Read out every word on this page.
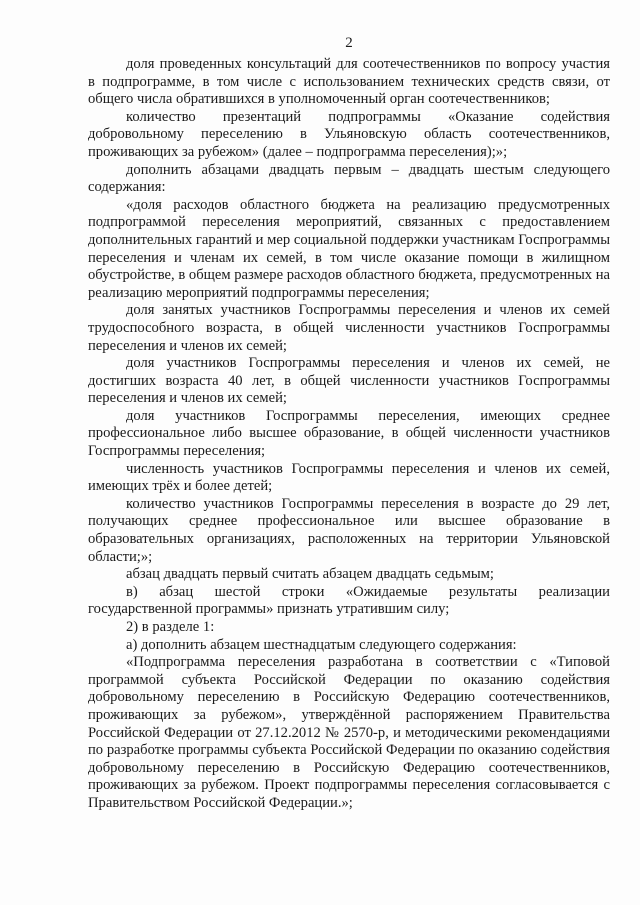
2

доля проведенных консультаций для соотечественников по вопросу участия в подпрограмме, в том числе с использованием технических средств связи, от общего числа обратившихся в уполномоченный орган соотечественников;

количество презентаций подпрограммы «Оказание содействия добровольному переселению в Ульяновскую область соотечественников, проживающих за рубежом» (далее – подпрограмма переселения);»;

дополнить абзацами двадцать первым – двадцать шестым следующего содержания:

«доля расходов областного бюджета на реализацию предусмотренных подпрограммой переселения мероприятий, связанных с предоставлением дополнительных гарантий и мер социальной поддержки участникам Госпрограммы переселения и членам их семей, в том числе оказание помощи в жилищном обустройстве, в общем размере расходов областного бюджета, предусмотренных на реализацию мероприятий подпрограммы переселения;

доля занятых участников Госпрограммы переселения и членов их семей трудоспособного возраста, в общей численности участников Госпрограммы переселения и членов их семей;

доля участников Госпрограммы переселения и членов их семей, не достигших возраста 40 лет, в общей численности участников Госпрограммы переселения и членов их семей;

доля участников Госпрограммы переселения, имеющих среднее профессиональное либо высшее образование, в общей численности участников Госпрограммы переселения;

численность участников Госпрограммы переселения и членов их семей, имеющих трёх и более детей;

количество участников Госпрограммы переселения в возрасте до 29 лет, получающих среднее профессиональное или высшее образование в образовательных организациях, расположенных на территории Ульяновской области;»;

абзац двадцать первый считать абзацем двадцать седьмым;

в) абзац шестой строки «Ожидаемые результаты реализации государственной программы» признать утратившим силу;

2) в разделе 1:

а) дополнить абзацем шестнадцатым следующего содержания:

«Подпрограмма переселения разработана в соответствии с «Типовой программой субъекта Российской Федерации по оказанию содействия добровольному переселению в Российскую Федерацию соотечественников, проживающих за рубежом», утверждённой распоряжением Правительства Российской Федерации от 27.12.2012 № 2570-р, и методическими рекомендациями по разработке программы субъекта Российской Федерации по оказанию содействия добровольному переселению в Российскую Федерацию соотечественников, проживающих за рубежом. Проект подпрограммы переселения согласовывается с Правительством Российской Федерации.»;
